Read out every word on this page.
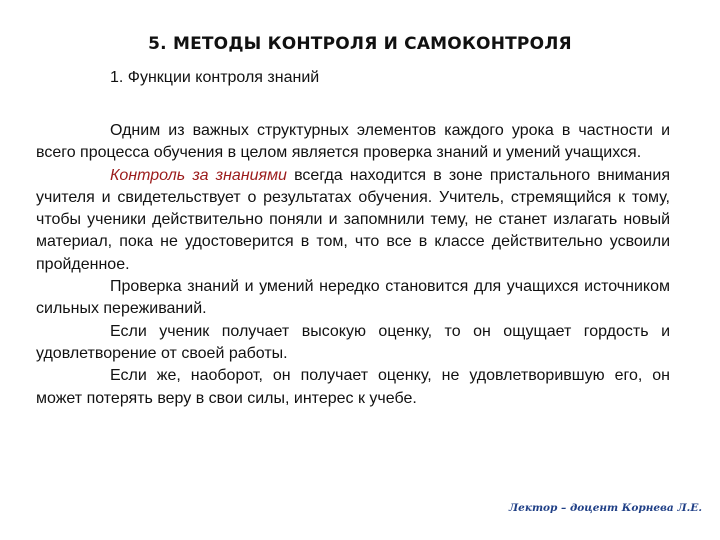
5. МЕТОДЫ КОНТРОЛЯ И САМОКОНТРОЛЯ
1. Функции контроля знаний

Одним из важных структурных элементов каждого урока в частности и всего процесса обучения в целом является проверка знаний и умений учащихся.

Контроль за знаниями всегда находится в зоне пристального внимания учителя и свидетельствует о результатах обучения. Учитель, стремящийся к тому, чтобы ученики действительно поняли и запомнили тему, не станет излагать новый материал, пока не удостоверится в том, что все в классе действительно усвоили пройденное.

Проверка знаний и умений нередко становится для учащихся источником сильных переживаний.

Если ученик получает высокую оценку, то он ощущает гордость и удовлетворение от своей работы.

Если же, наоборот, он получает оценку, не удовлетворившую его, он может потерять веру в свои силы, интерес к учебе.

Лектор – доцент Корнева Л.Е.
